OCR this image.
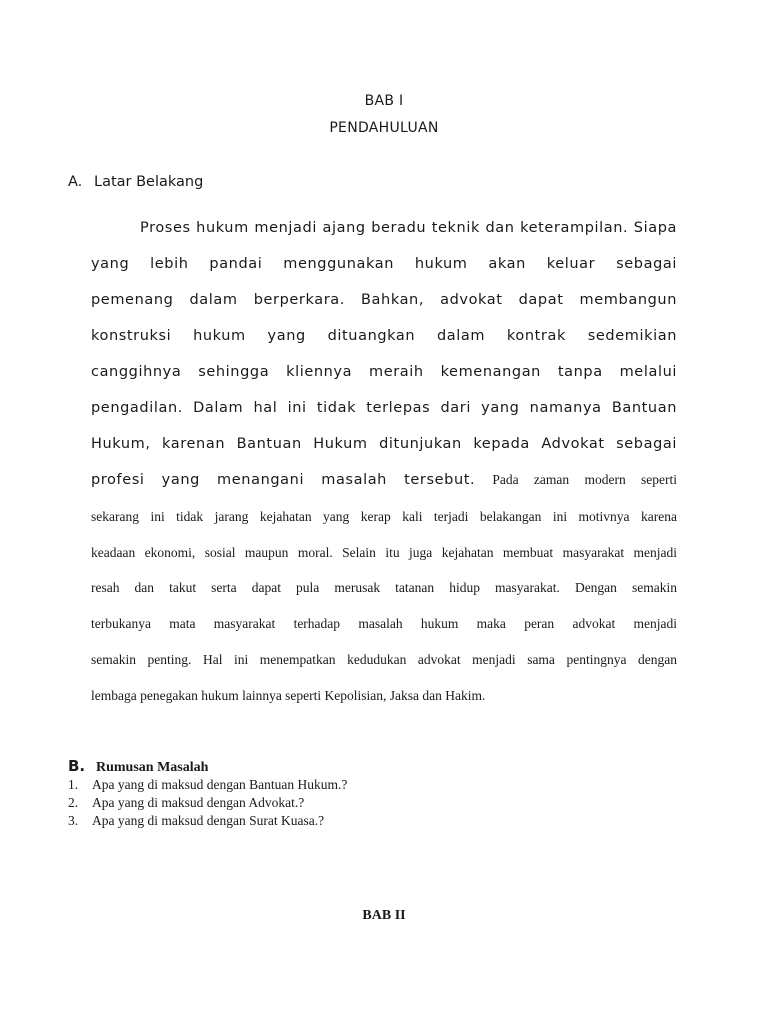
BAB I
PENDAHULUAN
A. Latar Belakang
Proses hukum menjadi ajang beradu teknik dan keterampilan. Siapa
yang lebih pandai menggunakan hukum akan keluar sebagai
pemenang dalam berperkara. Bahkan, advokat dapat membangun
konstruksi hukum yang dituangkan dalam kontrak sedemikian
canggihnya sehingga kliennya meraih kemenangan tanpa melalui
pengadilan. Dalam hal ini tidak terlepas dari yang namanya Bantuan
Hukum, karenan Bantuan Hukum ditunjukan kepada Advokat sebagai
profesi yang menangani masalah tersebut. Pada zaman modern seperti
sekarang ini tidak jarang kejahatan yang kerap kali terjadi belakangan ini motivnya karena
keadaan ekonomi, sosial maupun moral. Selain itu juga kejahatan membuat masyarakat menjadi
resah dan takut serta dapat pula merusak tatanan hidup masyarakat. Dengan semakin
terbukanya mata masyarakat terhadap masalah hukum maka peran advokat menjadi
semakin penting. Hal ini menempatkan kedudukan advokat menjadi sama pentingnya dengan
lembaga penegakan hukum lainnya seperti Kepolisian, Jaksa dan Hakim.
B. Rumusan Masalah
1.	Apa yang di maksud dengan Bantuan Hukum.?
2.	Apa yang di maksud dengan Advokat.?
3.	Apa yang di maksud dengan Surat Kuasa.?
BAB II
